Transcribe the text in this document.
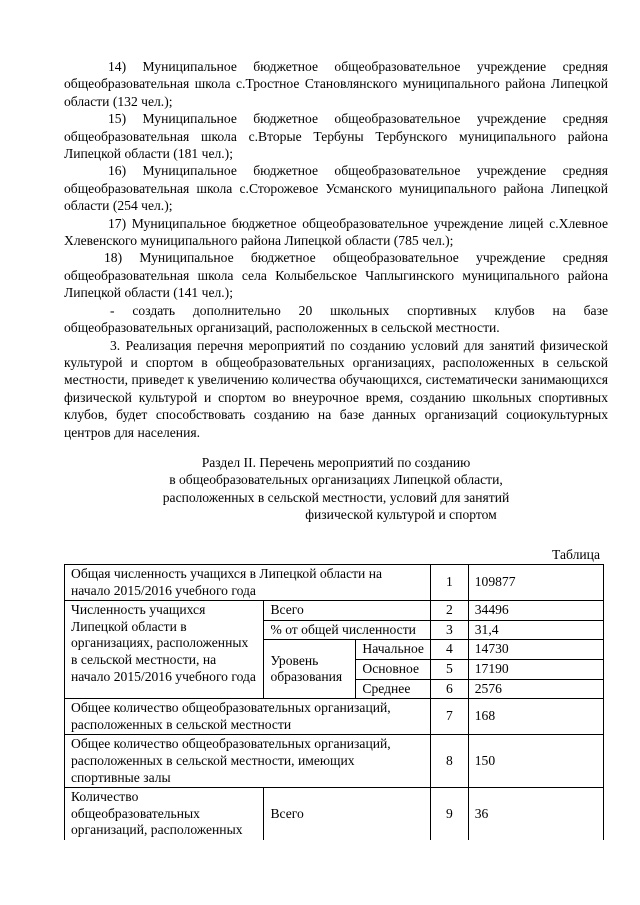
14) Муниципальное бюджетное общеобразовательное учреждение средняя общеобразовательная школа с.Тростное Становлянского муниципального района Липецкой области (132 чел.);

15) Муниципальное бюджетное общеобразовательное учреждение средняя общеобразовательная школа с.Вторые Тербуны Тербунского муниципального района Липецкой области (181 чел.);

16) Муниципальное бюджетное общеобразовательное учреждение средняя общеобразовательная школа с.Сторожевое Усманского муниципального района Липецкой области (254 чел.);

17) Муниципальное бюджетное общеобразовательное учреждение лицей с.Хлевное Хлевенского муниципального района Липецкой области (785 чел.);

18) Муниципальное бюджетное общеобразовательное учреждение средняя общеобразовательная школа села Колыбельское Чаплыгинского муниципального района Липецкой области (141 чел.);

- создать дополнительно 20 школьных спортивных клубов на базе общеобразовательных организаций, расположенных в сельской местности.

3. Реализация перечня мероприятий по созданию условий для занятий физической культурой и спортом в общеобразовательных организациях, расположенных в сельской местности, приведет к увеличению количества обучающихся, систематически занимающихся физической культурой и спортом во внеурочное время, созданию школьных спортивных клубов, будет способствовать созданию на базе данных организаций социокультурных центров для населения.

Раздел II. Перечень мероприятий по созданию
в общеобразовательных организациях Липецкой области,
расположенных в сельской местности, условий для занятий
физической культурой и спортом
Таблица
Общая численность учащихся в Липецкой области на начало 2015/2016 учебного года			1	109877
Численность учащихся Липецкой области в организациях, расположенных в сельской местности, на начало 2015/2016 учебного года	Всего		2	34496
	% от общей численности		3	31,4
	Уровень образования	Начальное	4	14730
		Основное	5	17190
		Среднее	6	2576
Общее количество общеобразовательных организаций, расположенных в сельской местности			7	168
Общее количество общеобразовательных организаций, расположенных в сельской местности, имеющих спортивные залы			8	150
Количество общеобразовательных организаций, расположенных	Всего		9	36
